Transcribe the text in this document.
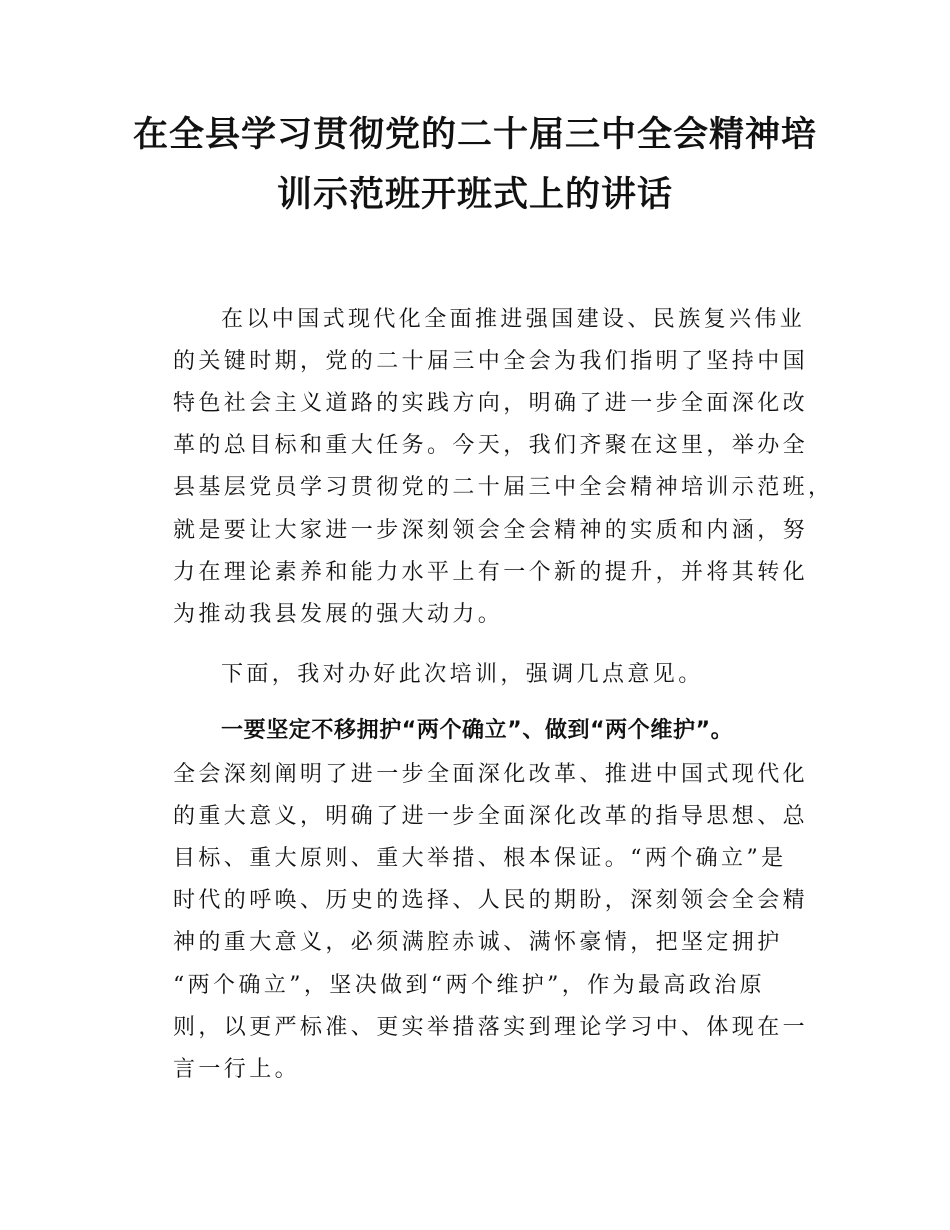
在全县学习贯彻党的二十届三中全会精神培
训示范班开班式上的讲话
在以中国式现代化全面推进强国建设、民族复兴伟业
的关键时期，党的二十届三中全会为我们指明了坚持中国
特色社会主义道路的实践方向，明确了进一步全面深化改
革的总目标和重大任务。今天，我们齐聚在这里，举办全
县基层党员学习贯彻党的二十届三中全会精神培训示范班，
就是要让大家进一步深刻领会全会精神的实质和内涵，努
力在理论素养和能力水平上有一个新的提升，并将其转化
为推动我县发展的强大动力。
下面，我对办好此次培训，强调几点意见。
一要坚定不移拥护“两个确立”、做到“两个维护”。
全会深刻阐明了进一步全面深化改革、推进中国式现代化
的重大意义，明确了进一步全面深化改革的指导思想、总
目标、重大原则、重大举措、根本保证。“两个确立”是
时代的呼唤、历史的选择、人民的期盼，深刻领会全会精
神的重大意义，必须满腔赤诚、满怀豪情，把坚定拥护
“两个确立”，坚决做到“两个维护”，作为最高政治原
则，以更严标准、更实举措落实到理论学习中、体现在一
言一行上。
